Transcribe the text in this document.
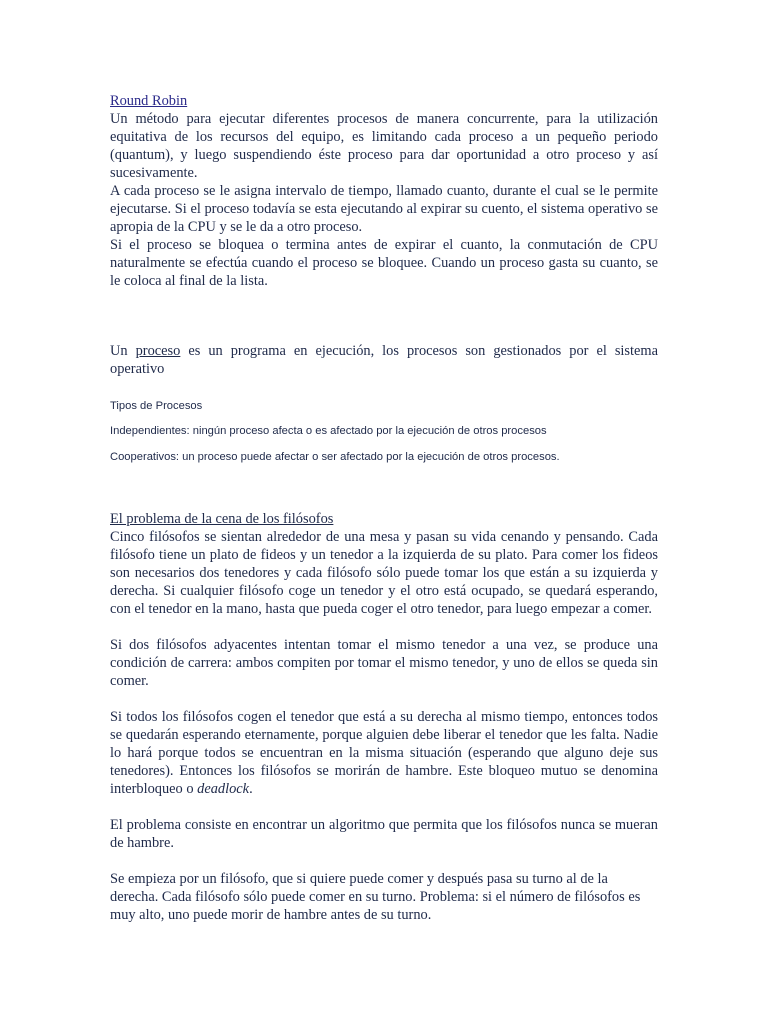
Round Robin

Un método para ejecutar diferentes procesos de manera concurrente, para la utilización equitativa de los recursos del equipo, es limitando cada proceso a un pequeño periodo (quantum), y luego suspendiendo éste proceso para dar oportunidad a otro proceso y así sucesivamente.

A cada proceso se le asigna intervalo de tiempo, llamado cuanto, durante el cual se le permite ejecutarse. Si el proceso todavía se esta ejecutando al expirar su cuento, el sistema operativo se apropia de la CPU y se le da a otro proceso.

Si el proceso se bloquea o termina antes de expirar el cuanto, la conmutación de CPU naturalmente se efectúa cuando el proceso se bloquee. Cuando un proceso gasta su cuanto, se le coloca al final de la lista.

Un proceso es un programa en ejecución, los procesos son gestionados por el sistema operativo

Tipos de Procesos

Independientes: ningún proceso afecta o es afectado por la ejecución de otros procesos

Cooperativos: un proceso puede afectar o ser afectado por la ejecución de otros procesos.

El problema de la cena de los filósofos

Cinco filósofos se sientan alrededor de una mesa y pasan su vida cenando y pensando. Cada filósofo tiene un plato de fideos y un tenedor a la izquierda de su plato. Para comer los fideos son necesarios dos tenedores y cada filósofo sólo puede tomar los que están a su izquierda y derecha. Si cualquier filósofo coge un tenedor y el otro está ocupado, se quedará esperando, con el tenedor en la mano, hasta que pueda coger el otro tenedor, para luego empezar a comer.

Si dos filósofos adyacentes intentan tomar el mismo tenedor a una vez, se produce una condición de carrera: ambos compiten por tomar el mismo tenedor, y uno de ellos se queda sin comer.

Si todos los filósofos cogen el tenedor que está a su derecha al mismo tiempo, entonces todos se quedarán esperando eternamente, porque alguien debe liberar el tenedor que les falta. Nadie lo hará porque todos se encuentran en la misma situación (esperando que alguno deje sus tenedores). Entonces los filósofos se morirán de hambre. Este bloqueo mutuo se denomina interbloqueo o deadlock.

El problema consiste en encontrar un algoritmo que permita que los filósofos nunca se mueran de hambre.

Se empieza por un filósofo, que si quiere puede comer y después pasa su turno al de la derecha. Cada filósofo sólo puede comer en su turno. Problema: si el número de filósofos es muy alto, uno puede morir de hambre antes de su turno.
